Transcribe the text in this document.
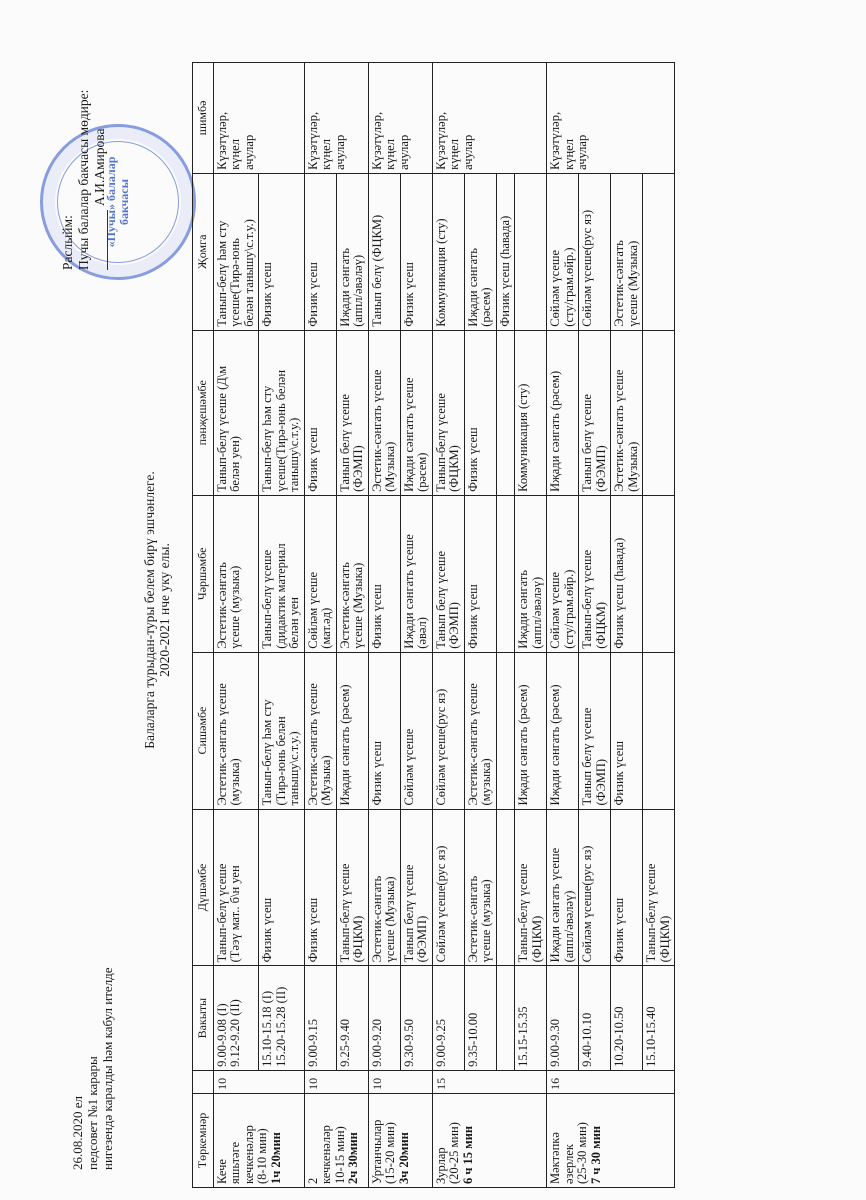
26.08.2020 ел педсовет №1 карары нигезендә каралды һәм кабул ителде
Балаларга турыдан-туры белем бирү эшчәнлеге. 2020-2021 нче уку елы.
«Пучы» балалар бакчасы
Раслыйм: Пучы балалар бакчасы мөдире: А.И.Амирова
Төркемнәр		Вакыты	Дүшәмбе	Сишәмбе	Чәршәмбе	пәнҗешәмбе	Җомга	шимбә
Кече
яшьтәге
кечкенәләр
(8-10 мин)
1ч 20мин	10	9.00-9.08 (I)
9.12-9.20 (II)	Танып-белү үсеше
(Тәэү мат.. б\н уен	Эстетик-сәнгать үсеше
(музыка)	Эстетик-сәнгать
үсеше (музыка)	Танып-белү үсеше (Д\м
белән уен)	Танып-белү һәм сту
үсеше(Тирә-юнь
белән танышу\с.т.у.)	Күзәтүләр,
күңел
ачулар
		15.10-15.18 (I)
15.20-15.28 (II)	Физик үсеш	Танып-белү һәм сту
(Тирә-юнь белән
танышу\с.т.у.)	Танып-белү үсеше
(дидактик материал
белән уен	Танып-белү һәм сту
үсеше(Тирә-юнь белән
танышу\с.т.у.)	Физик үсеш	
2
кечкенәләр
10-15 мин)
2ч 30мин	10	9.00-9.15	Физик үсеш	Эстетик-сәнгать үсеше
(Музыка)	Сөйләм үсеше
(мат.әд)	Физик үсеш	Физик үсеш	Күзәтүләр,
күңел
ачулар
		9.25-9.40	Танып-белү үсеше
(ФЦКМ)	Иҗади сәнгать (рәсем)	Эстетик-сәнгать
үсеше (Музыка)	Танып белү үсеше
(ФЭМП)	Иҗади сәнгать
(аппл/әвәләү)	
Уртанчылар
(15-20 мин)
3ч 20мин	10	9.00-9.20	Эстетик-сәнгать
үсеше (Музыка)	Физик үсеш	Физик үсеш	Эстетик-сәнгать үсеше
(Музыка)	Танып белү (ФЦКМ)	Күзәтүләр,
күңел
ачулар
		9.30-9.50	Танып белү үсеше
(ФЭМП)	Сөйләм үсеше	Иҗади сәнгать үсеше
(әвәл)	Иҗади сәнгать үсеше
(рәсем)	Физик үсеш	
Зурлар
(20-25 мин)
6 ч 15 мин	15	9.00-9.25	Сөйләм үсеше(рус яз)	Сөйләм үсеше(рус яз)	Танып белү үсеше
(ФЭМП)	Танып-белү үсеше
(ФЦКМ)	Коммуникация (сту)	Күзәтүләр,
күңел
ачулар
		9.35-10.00	Эстетик-сәнгать
үсеше (музыка)	Эстетик-сәнгать үсеше
(музыка)	Физик үсеш	Физик үсеш	Иҗади сәнгать
(рәсем)	
							Физик үсеш (һавада)	
		15.15-15.35	Танып-белү үсеше
(ФЦКМ)	Иҗади сәнгать (рәсем)	Иҗади сәнгать
(аппл/әвәләү)	Коммуникация (сту)		
Мәктәпкә
әзерлек
(25-30 мин)
7 ч 30 мин	16	9.00-9.30	Иҗади сәнгать үсеше
(аппл/әвәләү)	Иҗади сәнгать (рәсем)	Сөйләм үсеше
(сту/грам.өйр.)	Иҗади сәнгать (рәсем)	Сөйләм үсеше
(сту/грам.өйр.)	Күзәтүләр,
күңел
ачулар
		9.40-10.10	Сөйләм үсеше(рус яз)	Танып белү үсеше
(ФЭМП)	Танып-белү үсеше
(ФЦКМ)	Танып белү үсеше
(ФЭМП)	Сөйләм үсеше(рус яз)	
		10.20-10.50	Физик үсеш	Физик үсеш	Физик үсеш (һавада)	Эстетик-сәнгать үсеше
(Музыка)	Эстетик-сәнгать
үсеше (Музыка)	
		15.10-15.40	Танып-белү үсеше
(ФЦКМ)					
